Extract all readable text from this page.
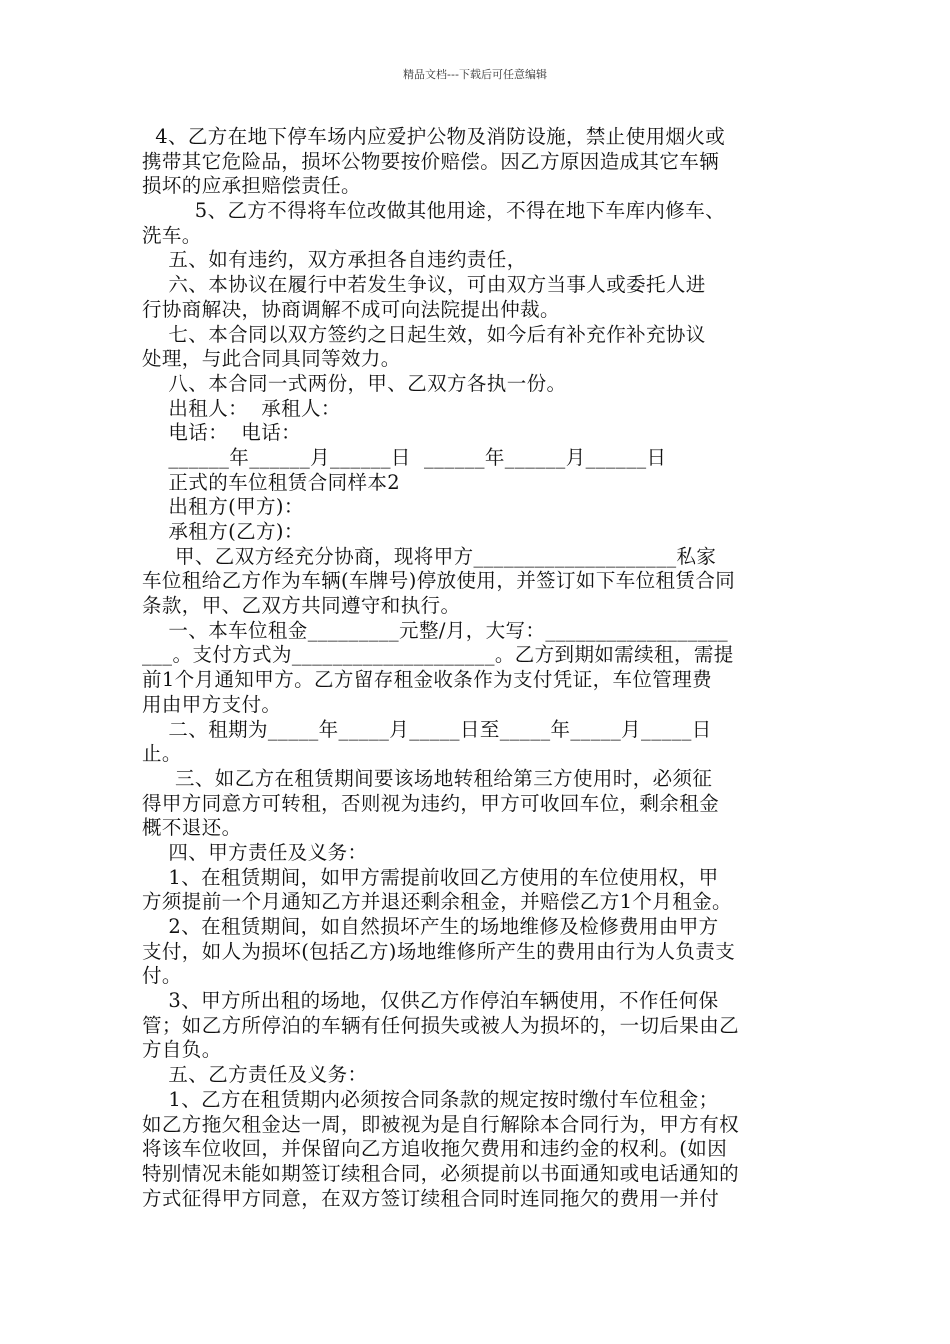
精品文档---下载后可任意编辑
4、乙方在地下停车场内应爱护公物及消防设施，禁止使用烟火或
携带其它危险品，损坏公物要按价赔偿。因乙方原因造成其它车辆
损坏的应承担赔偿责任。
5、乙方不得将车位改做其他用途，不得在地下车库内修车、
洗车。
五、如有违约，双方承担各自违约责任，
六、本协议在履行中若发生争议，可由双方当事人或委托人进
行协商解决，协商调解不成可向法院提出仲裁。
七、本合同以双方签约之日起生效，如今后有补充作补充协议
处理，与此合同具同等效力。
八、本合同一式两份，甲、乙双方各执一份。
出租人：  承租人：
电话：  电话：
______年______月______日  ______年______月______日
正式的车位租赁合同样本2
出租方(甲方)：
承租方(乙方)：
甲、乙双方经充分协商，现将甲方____________________私家
车位租给乙方作为车辆(车牌号)停放使用，并签订如下车位租赁合同
条款，甲、乙双方共同遵守和执行。
一、本车位租金_________元整/月，大写：__________________
___。支付方式为____________________。乙方到期如需续租，需提
前1个月通知甲方。乙方留存租金收条作为支付凭证，车位管理费
用由甲方支付。
二、租期为_____年_____月_____日至_____年_____月_____日
止。
三、如乙方在租赁期间要该场地转租给第三方使用时，必须征
得甲方同意方可转租，否则视为违约，甲方可收回车位，剩余租金
概不退还。
四、甲方责任及义务：
1、在租赁期间，如甲方需提前收回乙方使用的车位使用权，甲
方须提前一个月通知乙方并退还剩余租金，并赔偿乙方1个月租金。
2、在租赁期间，如自然损坏产生的场地维修及检修费用由甲方
支付，如人为损坏(包括乙方)场地维修所产生的费用由行为人负责支
付。
3、甲方所出租的场地，仅供乙方作停泊车辆使用，不作任何保
管；如乙方所停泊的车辆有任何损失或被人为损坏的，一切后果由乙
方自负。
五、乙方责任及义务：
1、乙方在租赁期内必须按合同条款的规定按时缴付车位租金；
如乙方拖欠租金达一周，即被视为是自行解除本合同行为，甲方有权
将该车位收回，并保留向乙方追收拖欠费用和违约金的权利。(如因
特别情况未能如期签订续租合同，必须提前以书面通知或电话通知的
方式征得甲方同意，在双方签订续租合同时连同拖欠的费用一并付
